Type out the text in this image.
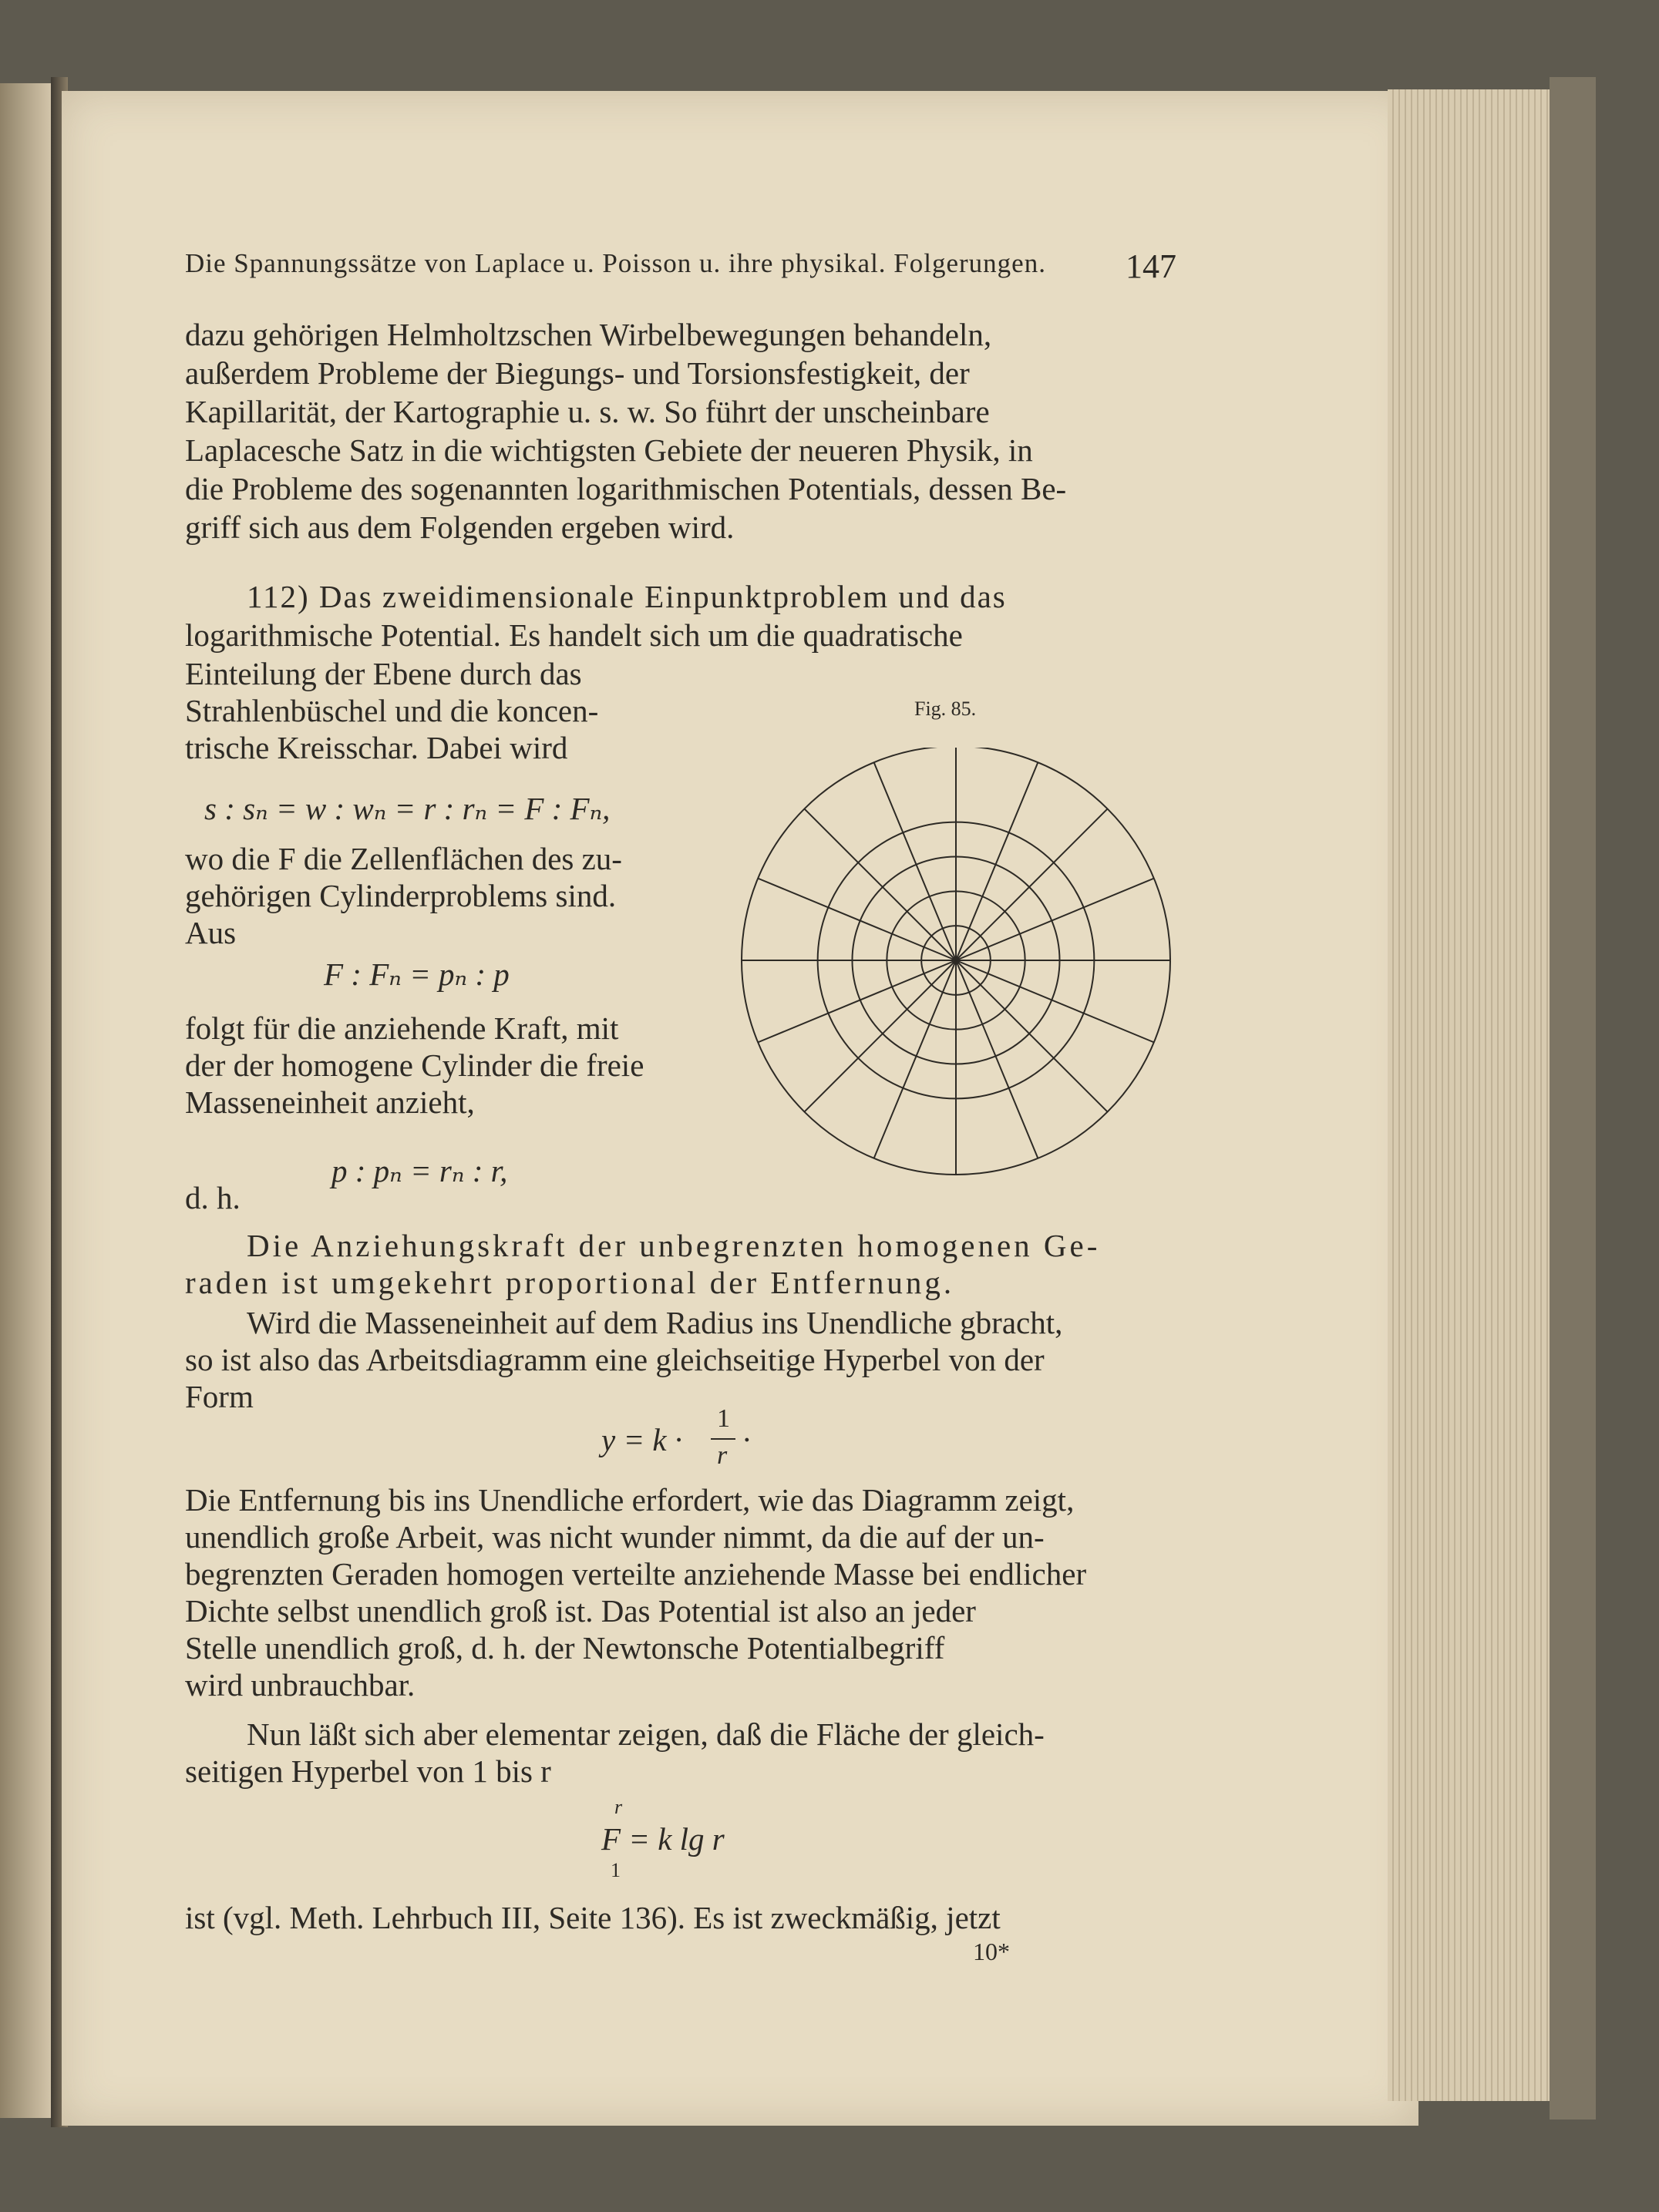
Die Spannungssätze von Laplace u. Poisson u. ihre physikal. Folgerungen.	147
dazu gehörigen Helmholtzschen Wirbelbewegungen behandeln,
außerdem Probleme der Biegungs- und Torsionsfestigkeit, der
Kapillarität, der Kartographie u. s. w. So führt der unscheinbare
Laplacesche Satz in die wichtigsten Gebiete der neueren Physik, in
die Probleme des sogenannten logarithmischen Potentials, dessen Be-
griff sich aus dem Folgenden ergeben wird.
112) Das zweidimensionale Einpunktproblem und das
logarithmische Potential. Es handelt sich um die quadratische
Einteilung der Ebene durch das
Strahlenbüschel und die koncen-
trische Kreisschar. Dabei wird
s : sₙ = w : wₙ = r : rₙ = F : Fₙ,
wo die F die Zellenflächen des zu-
gehörigen Cylinderproblems sind.
Aus
F : Fₙ = pₙ : p
folgt für die anziehende Kraft, mit
der der homogene Cylinder die freie
Masseneinheit anzieht,
p : pₙ = rₙ : r,
d. h.
Fig. 85.
Die Anziehungskraft der unbegrenzten homogenen Ge-
raden ist umgekehrt proportional der Entfernung.
Wird die Masseneinheit auf dem Radius ins Unendliche gbracht,
so ist also das Arbeitsdiagramm eine gleichseitige Hyperbel von der
Form
y = k ·
1
r ·
Die Entfernung bis ins Unendliche erfordert, wie das Diagramm zeigt,
unendlich große Arbeit, was nicht wunder nimmt, da die auf der un-
begrenzten Geraden homogen verteilte anziehende Masse bei endlicher
Dichte selbst unendlich groß ist. Das Potential ist also an jeder
Stelle unendlich groß, d. h. der Newtonsche Potentialbegriff
wird unbrauchbar.
Nun läßt sich aber elementar zeigen, daß die Fläche der gleich-
seitigen Hyperbel von 1 bis r
r
F = k lg r
1
ist (vgl. Meth. Lehrbuch III, Seite 136). Es ist zweckmäßig, jetzt
10*
